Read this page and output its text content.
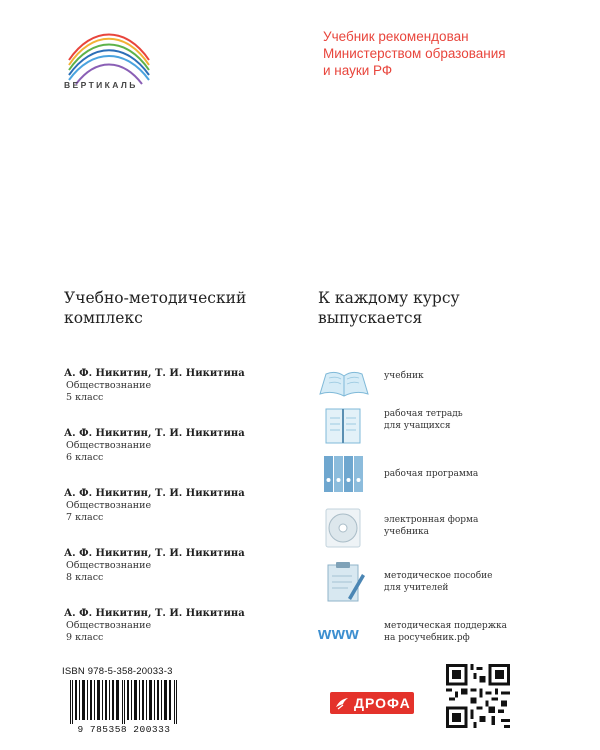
ВЕРТИКАЛЬ
Учебник рекомендован
Министерством образования
и науки РФ
Учебно-методический
комплекс
К каждому курсу
выпускается
А. Ф. Никитин, Т. И. Никитина
Обществознание
5 класс
А. Ф. Никитин, Т. И. Никитина
Обществознание
6 класс
А. Ф. Никитин, Т. И. Никитина
Обществознание
7 класс
А. Ф. Никитин, Т. И. Никитина
Обществознание
8 класс
А. Ф. Никитин, Т. И. Никитина
Обществознание
9 класс
учебник
рабочая тетрадь
для учащихся
рабочая программа
электронная форма
учебника
методическое пособие
для учителей
www	методическая поддержка
на росучебник.рф
ISBN 978-5-358-20033-3
9 785358 200333
ДРОФА
